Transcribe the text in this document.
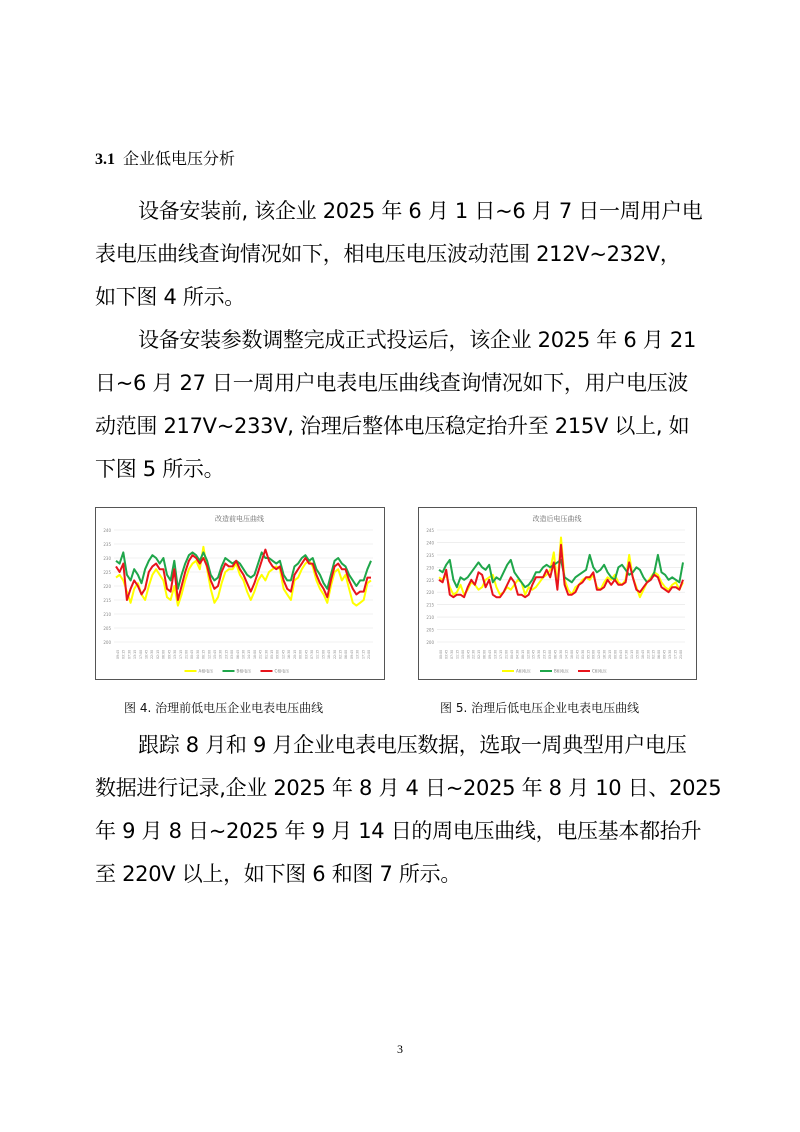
3.1 企业低电压分析
设备安装前, 该企业 2025 年 6 月 1 日~6 月 7 日一周用户电
表电压曲线查询情况如下，相电压电压波动范围 212V~232V，
如下图 4 所示。
设备安装参数调整完成正式投运后，该企业 2025 年 6 月 21
日~6 月 27 日一周用户电表电压曲线查询情况如下，用户电压波
动范围 217V~233V, 治理后整体电压稳定抬升至 215V 以上, 如
下图 5 所示。
改造前电压曲线
200
205
210
215
220
225
230
235
240
09:45 03:15 07:30 13:15 17:00 18:45 22:30 02:15 06:00 09:45 13:30 17:15 21:00 00:45 04:30 08:15 12:00 15:45 19:30 23:15 03:00 06:45 10:30 14:15 18:00 21:45 01:30 05:15 09:00 12:45 16:30 20:15 00:00 03:45 07:30 11:15 15:00 18:45 22:30 02:15 06:00 09:45 13:30 17:15 21:00
A相电压	B相电压	C相电压
改造后电压曲线
200
205
210
215
220
225
230
235
240
245
00:00 03:45 07:30 11:15 15:00 18:45 22:30 02:15 06:00 09:45 13:30 17:15 21:00 00:45 04:30 08:15 12:00 15:45 19:30 23:15 03:00 06:45 10:30 14:15 18:00 21:45 01:30 05:15 09:00 12:45 16:30 20:15 00:00 03:45 07:30 11:15 15:00 18:45 22:30 02:15 06:00 09:45 13:30 17:15 21:00
A相电压	B相电压	C相电压
图 4. 治理前低电压企业电表电压曲线	图 5. 治理后低电压企业电表电压曲线
跟踪 8 月和 9 月企业电表电压数据，选取一周典型用户电压
数据进行记录,企业 2025 年 8 月 4 日~2025 年 8 月 10 日、2025
年 9 月 8 日~2025 年 9 月 14 日的周电压曲线，电压基本都抬升
至 220V 以上，如下图 6 和图 7 所示。
3
